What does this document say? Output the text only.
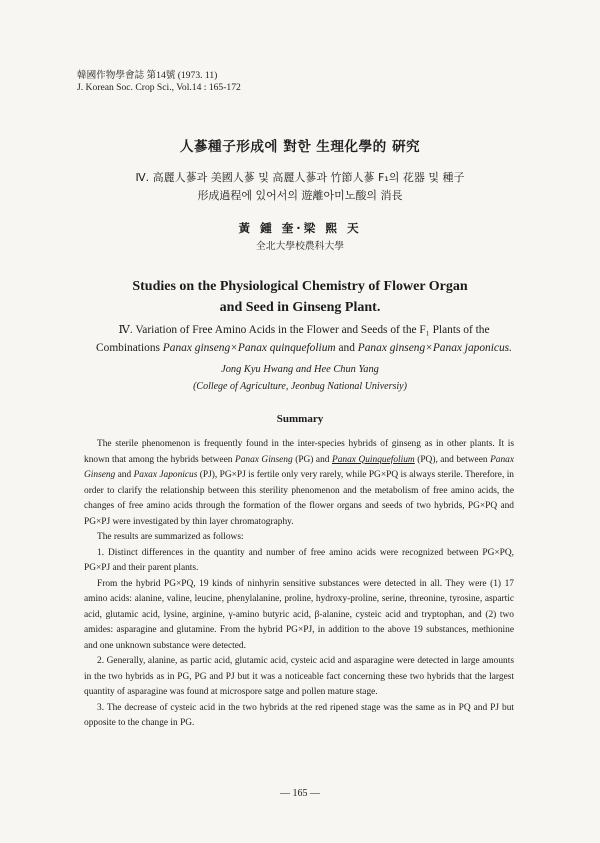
韓國作物學會誌 第14號 (1973. 11)
J. Korean Soc. Crop Sci., Vol.14 : 165-172
人蔘種子形成에 對한 生理化學的 硏究
Ⅳ. 高麗人蔘과 美國人蔘 및 高麗人蔘과 竹節人蔘 F₁의 花器 및 種子
形成過程에 있어서의 遊離아미노酸의 消長
黃 鍾 奎·梁 熙 天
全北大學校農科大學
Studies on the Physiological Chemistry of Flower Organ
and Seed in Ginseng Plant.
Ⅳ. Variation of Free Amino Acids in the Flower and Seeds of the F₁ Plants of the
Combinations Panax ginseng×Panax quinquefolium and Panax ginseng×Panax japonicus.
Jong Kyu Hwang and Hee Chun Yang
(College of Agriculture, Jeonbug National Universiy)
Summary

The sterile phenomenon is frequently found in the inter-species hybrids of ginseng as in other plants. It is known that among the hybrids between Panax Ginseng (PG) and Panax Quinquefolium (PQ), and between Panax Ginseng and Paxax Japonicus (PJ), PG×PJ is fertile only very rarely, while PG×PQ is always sterile. Therefore, in order to clarify the relationship between this sterility phenomenon and the metabolism of free amino acids, the changes of free amino acids through the formation of the flower organs and seeds of two hybrids, PG×PQ and PG×PJ were investigated by thin layer chromatography.

The results are summarized as follows:

1. Distinct differences in the quantity and number of free amino acids were recognized between PG×PQ, PG×PJ and their parent plants.

From the hybrid PG×PQ, 19 kinds of ninhyrin sensitive substances were detected in all. They were (1) 17 amino acids: alanine, valine, leucine, phenylalanine, proline, hydroxy-proline, serine, threonine, tyrosine, aspartic acid, glutamic acid, lysine, arginine, γ-amino butyric acid, β-alanine, cysteic acid and tryptophan, and (2) two amides: asparagine and glutamine. From the hybrid PG×PJ, in addition to the above 19 substances, methionine and one unknown substance were detected.

2. Generally, alanine, as partic acid, glutamic acid, cysteic acid and asparagine were detected in large amounts in the two hybrids as in PG, PG and PJ but it was a noticeable fact concerning these two hybrids that the largest quantity of asparagine was found at microspore satge and pollen mature stage.

3. The decrease of cysteic acid in the two hybrids at the red ripened stage was the same as in PQ and PJ but opposite to the change in PG.

— 165 —
